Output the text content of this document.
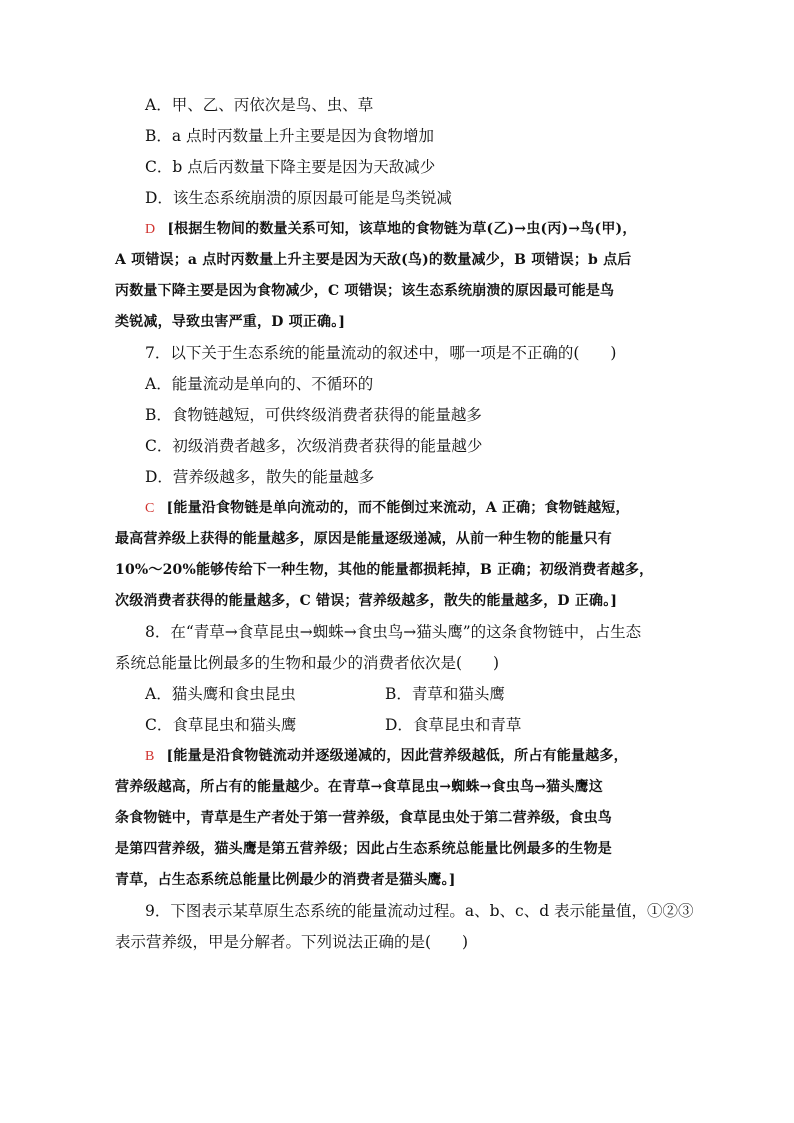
A．甲、乙、丙依次是鸟、虫、草
B．a 点时丙数量上升主要是因为食物增加
C．b 点后丙数量下降主要是因为天敌减少
D．该生态系统崩溃的原因最可能是鸟类锐减
D [根据生物间的数量关系可知，该草地的食物链为草(乙)→虫(丙)→鸟(甲)，
A 项错误；a 点时丙数量上升主要是因为天敌(鸟)的数量减少，B 项错误；b 点后
丙数量下降主要是因为食物减少，C 项错误；该生态系统崩溃的原因最可能是鸟
类锐减，导致虫害严重，D 项正确。]
7．以下关于生态系统的能量流动的叙述中，哪一项是不正确的(　　)
A．能量流动是单向的、不循环的
B．食物链越短，可供终级消费者获得的能量越多
C．初级消费者越多，次级消费者获得的能量越少
D．营养级越多，散失的能量越多
C [能量沿食物链是单向流动的，而不能倒过来流动，A 正确；食物链越短，
最高营养级上获得的能量越多，原因是能量逐级递减，从前一种生物的能量只有
10%～20%能够传给下一种生物，其他的能量都损耗掉，B 正确；初级消费者越多，
次级消费者获得的能量越多，C 错误；营养级越多，散失的能量越多，D 正确。]
8．在“青草→食草昆虫→蜘蛛→食虫鸟→猫头鹰”的这条食物链中，占生态
系统总能量比例最多的生物和最少的消费者依次是(　　)
A．猫头鹰和食虫昆虫	B．青草和猫头鹰
C．食草昆虫和猫头鹰	D．食草昆虫和青草
B [能量是沿食物链流动并逐级递减的，因此营养级越低，所占有能量越多，
营养级越高，所占有的能量越少。在青草→食草昆虫→蜘蛛→食虫鸟→猫头鹰这
条食物链中，青草是生产者处于第一营养级，食草昆虫处于第二营养级，食虫鸟
是第四营养级，猫头鹰是第五营养级；因此占生态系统总能量比例最多的生物是
青草，占生态系统总能量比例最少的消费者是猫头鹰。]
9．下图表示某草原生态系统的能量流动过程。a、b、c、d 表示能量值，①②③
表示营养级，甲是分解者。下列说法正确的是(　　)
